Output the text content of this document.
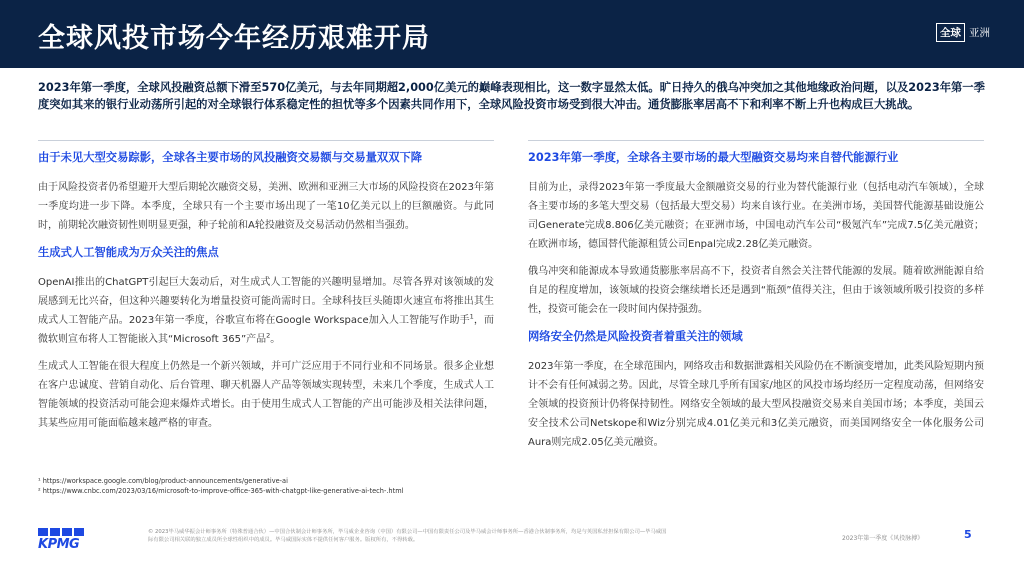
全球风投市场今年经历艰难开局	全球 亚洲
2023年第一季度，全球风投融资总额下滑至570亿美元，与去年同期超2,000亿美元的巅峰表现相比，这一数字显然太低。旷日持久的俄乌冲突加之其他地缘政治问题，以及2023年第一季度突如其来的银行业动荡所引起的对全球银行体系稳定性的担忧等多个因素共同作用下，全球风险投资市场受到很大冲击。通货膨胀率居高不下和利率不断上升也构成巨大挑战。
由于未见大型交易踪影，全球各主要市场的风投融资交易额与交易量双双下降
由于风险投资者仍希望避开大型后期轮次融资交易，美洲、欧洲和亚洲三大市场的风险投资在2023年第一季度均进一步下降。本季度，全球只有一个主要市场出现了一笔10亿美元以上的巨额融资。与此同时，前期轮次融资韧性则明显更强，种子轮前和A轮投融资及交易活动仍然相当强劲。
生成式人工智能成为万众关注的焦点
OpenAI推出的ChatGPT引起巨大轰动后，对生成式人工智能的兴趣明显增加。尽管各界对该领域的发展感到无比兴奋，但这种兴趣要转化为增量投资可能尚需时日。全球科技巨头随即火速宣布将推出其生成式人工智能产品。2023年第一季度，谷歌宣布将在Google Workspace加入人工智能写作助手$^1$，而微软则宣布将人工智能嵌入其“Microsoft 365”产品$^2$。
生成式人工智能在很大程度上仍然是一个新兴领域，并可广泛应用于不同行业和不同场景。很多企业想在客户忠诚度、营销自动化、后台管理、聊天机器人产品等领域实现转型，未来几个季度，生成式人工智能领域的投资活动可能会迎来爆炸式增长。由于使用生成式人工智能的产出可能涉及相关法律问题，其某些应用可能面临越来越严格的审查。
2023年第一季度，全球各主要市场的最大型融资交易均来自替代能源行业
目前为止，录得2023年第一季度最大金额融资交易的行业为替代能源行业（包括电动汽车领域），全球各主要市场的多笔大型交易（包括最大型交易）均来自该行业。在美洲市场，美国替代能源基础设施公司Generate完成8.806亿美元融资；在亚洲市场，中国电动汽车公司“极氪汽车”完成7.5亿美元融资；在欧洲市场，德国替代能源租赁公司Enpal完成2.28亿美元融资。
俄乌冲突和能源成本导致通货膨胀率居高不下，投资者自然会关注替代能源的发展。随着欧洲能源自给自足的程度增加，该领域的投资会继续增长还是遇到“瓶颈”值得关注，但由于该领域所吸引投资的多样性，投资可能会在一段时间内保持强劲。
网络安全仍然是风险投资者着重关注的领域
2023年第一季度，在全球范围内，网络攻击和数据泄露相关风险仍在不断演变增加，此类风险短期内预计不会有任何减弱之势。因此，尽管全球几乎所有国家/地区的风投市场均经历一定程度动荡，但网络安全领域的投资预计仍将保持韧性。网络安全领域的最大型风投融资交易来自美国市场；本季度，美国云安全技术公司Netskope和Wiz分别完成4.01亿美元和3亿美元融资，而美国网络安全一体化服务公司Aura则完成2.05亿美元融资。
¹ https://workspace.google.com/blog/product-announcements/generative-ai
² https://www.cnbc.com/2023/03/16/microsoft-to-improve-office-365-with-chatgpt-like-generative-ai-tech-.html
KPMG
© 2023毕马威华振会计师事务所（特殊普通合伙）—中国合伙制会计师事务所，毕马威企业咨询（中国）有限公司—中国有限责任公司及毕马威会计师事务所—香港合伙制事务所，均是与英国私营担保有限公司—毕马威国际有限公司相关联的独立成员所全球性组织中的成员。毕马威国际实体不提供任何客户服务。版权所有，不得转载。	2023年第一季度《风投脉搏》	5
